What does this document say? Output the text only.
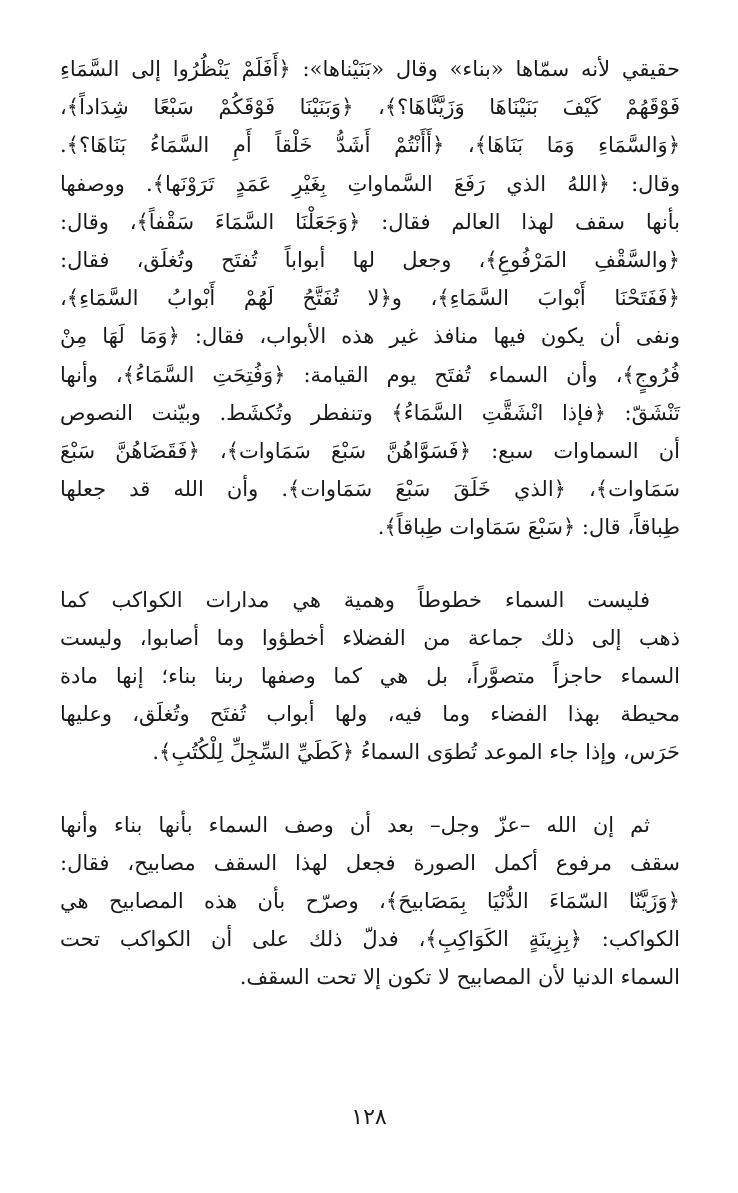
حقيقي لأنه سمّاها «بناء» وقال «بَنَيْناها»: ﴿أَفَلَمْ يَنْظُرُوا إلى السَّمَاءِ

فَوْقَهُمْ كَيْفَ بَنَيْنَاهَا وَزَيَّنَّاهَا؟﴾، ﴿وَبَنَيْنَا فَوْقَكُمْ سَبْعًا شِدَاداً﴾،

﴿وَالسَّمَاءِ وَمَا بَنَاهَا﴾، ﴿أَأَنْتُمْ أَشَدُّ خَلْقاً أَمِ السَّمَاءُ بَنَاهَا؟﴾.

وقال: ﴿اللهُ الذي رَفَعَ السَّماواتِ بِغَيْرِ عَمَدٍ تَرَوْنَها﴾. ووصفها

بأنها سقف لهذا العالم فقال: ﴿وَجَعَلْنَا السَّمَاءَ سَقْفاً﴾، وقال:

﴿والسَّقْفِ المَرْفُوعِ﴾، وجعل لها أبواباً تُفتَح وتُغلَق، فقال:

﴿فَفَتَحْنَا أَبْوابَ السَّمَاءِ﴾، و﴿لا تُفَتَّحُ لَهُمْ أَبْوابُ السَّمَاءِ﴾،

ونفى أن يكون فيها منافذ غير هذه الأبواب، فقال: ﴿وَمَا لَهَا مِنْ

فُرُوجٍ﴾، وأن السماء تُفتَح يوم القيامة: ﴿وَفُتِحَتِ السَّمَاءُ﴾، وأنها

تَنْشَقّ: ﴿فإذا انْشَقَّتِ السَّمَاءُ﴾ وتنفطر وتُكشَط. وبيّنت النصوص

أن السماوات سبع: ﴿فَسَوَّاهُنَّ سَبْعَ سَمَاوات﴾، ﴿فَقَضَاهُنَّ سَبْعَ

سَمَاوات﴾، ﴿الذي خَلَقَ سَبْعَ سَمَاوات﴾. وأن الله قد جعلها

طِباقاً، قال: ﴿سَبْعَ سَمَاوات طِباقاً﴾.

فليست السماء خطوطاً وهمية هي مدارات الكواكب كما

ذهب إلى ذلك جماعة من الفضلاء أخطؤوا وما أصابوا، وليست

السماء حاجزاً متصوَّراً، بل هي كما وصفها ربنا بناء؛ إنها مادة

محيطة بهذا الفضاء وما فيه، ولها أبواب تُفتَح وتُغلَق، وعليها

حَرَس، وإذا جاء الموعد تُطوَى السماءُ ﴿كَطَيِّ السِّجِلِّ لِلْكُتُبِ﴾.

ثم إن الله –عزّ وجل– بعد أن وصف السماء بأنها بناء وأنها

سقف مرفوع أكمل الصورة فجعل لهذا السقف مصابيح، فقال:

﴿وَزَيَّنّا السّمَاءَ الدُّنْيَا بِمَصَابيحَ﴾، وصرّح بأن هذه المصابيح هي

الكواكب: ﴿بِزِينَةٍ الكَوَاكِبِ﴾، فدلّ ذلك على أن الكواكب تحت

السماء الدنيا لأن المصابيح لا تكون إلا تحت السقف.

١٢٨
